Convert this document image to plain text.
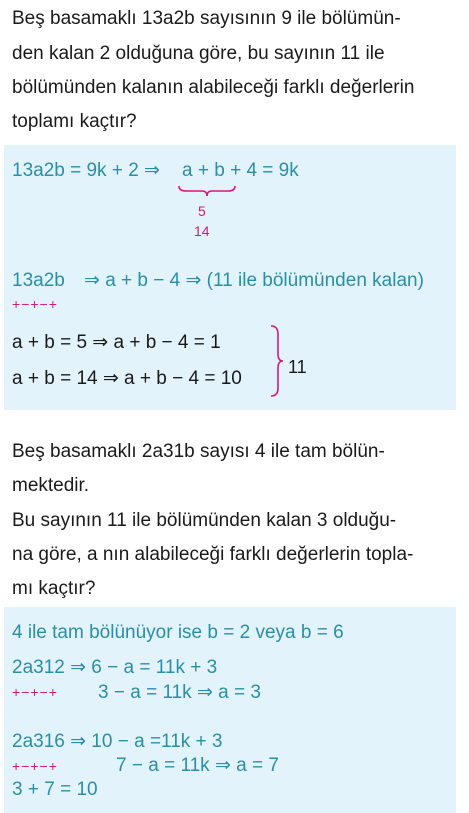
Beş basamaklı 13a2b sayısının 9 ile bölümün-
den kalan 2 olduğuna göre, bu sayının 11 ile
bölümünden kalanın alabileceği farklı değerlerin
toplamı kaçtır?
13a2b = 9k + 2 ⇒ a + b + 4 = 9k
5
14
13a2b ⇒ a + b − 4 ⇒ (11 ile bölümünden kalan)
+−+−+
a + b = 5 ⇒ a + b − 4 = 1
a + b = 14 ⇒ a + b − 4 = 10
11
Beş basamaklı 2a31b sayısı 4 ile tam bölün-
mektedir.
Bu sayının 11 ile bölümünden kalan 3 olduğu-
na göre, a nın alabileceği farklı değerlerin topla-
mı kaçtır?
4 ile tam bölünüyor ise b = 2 veya b = 6
2a312 ⇒ 6 − a = 11k + 3
+−+−+ 3 − a = 11k ⇒ a = 3
2a316 ⇒ 10 − a =11k + 3
+−+−+	7 − a = 11k ⇒ a = 7
3 + 7 = 10
